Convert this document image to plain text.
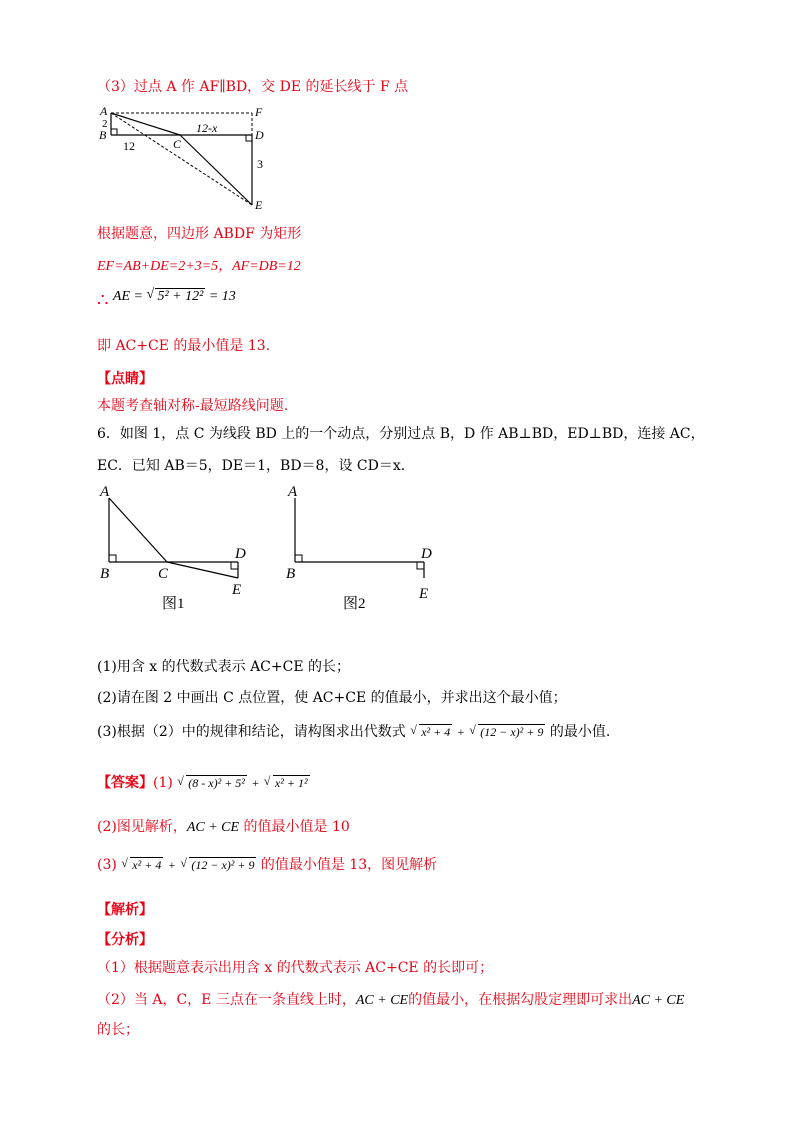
（3）过点 A 作 AF∥BD，交 DE 的延长线于 F 点
A
2
B
12	C
12-x	D
F
3
E
根据题意，四边形 ABDF 为矩形
EF=AB+DE=2+3=5，AF=DB=12
∴ AE = √ 5² + 12² = 13
即 AC+CE 的最小值是 13.
【点睛】
本题考查轴对称-最短路线问题.
6．如图 1，点 C 为线段 BD 上的一个动点，分别过点 B，D 作 AB⊥BD，ED⊥BD，连接 AC，
EC．已知 AB＝5，DE＝1，BD＝8，设 CD＝x.
A
B	C
D
E
图1
A
B
D
E
图2
(1)用含 x 的代数式表示 AC+CE 的长；
(2)请在图 2 中画出 C 点位置，使 AC+CE 的值最小，并求出这个最小值；
(3)根据（2）中的规律和结论，请构图求出代数式 √ x² + 4 + √ (12 − x)² + 9 的最小值.
【答案】(1) √ (8 - x)² + 5² + √ x² + 1²
(2)图见解析，AC + CE 的值最小值是 10
(3) √ x² + 4 + √ (12 − x)² + 9 的值最小值是 13，图见解析
【解析】
【分析】
（1）根据题意表示出用含 x 的代数式表示 AC+CE 的长即可；
（2）当 A，C，E 三点在一条直线上时，AC + CE的值最小，在根据勾股定理即可求出AC + CE
的长；
